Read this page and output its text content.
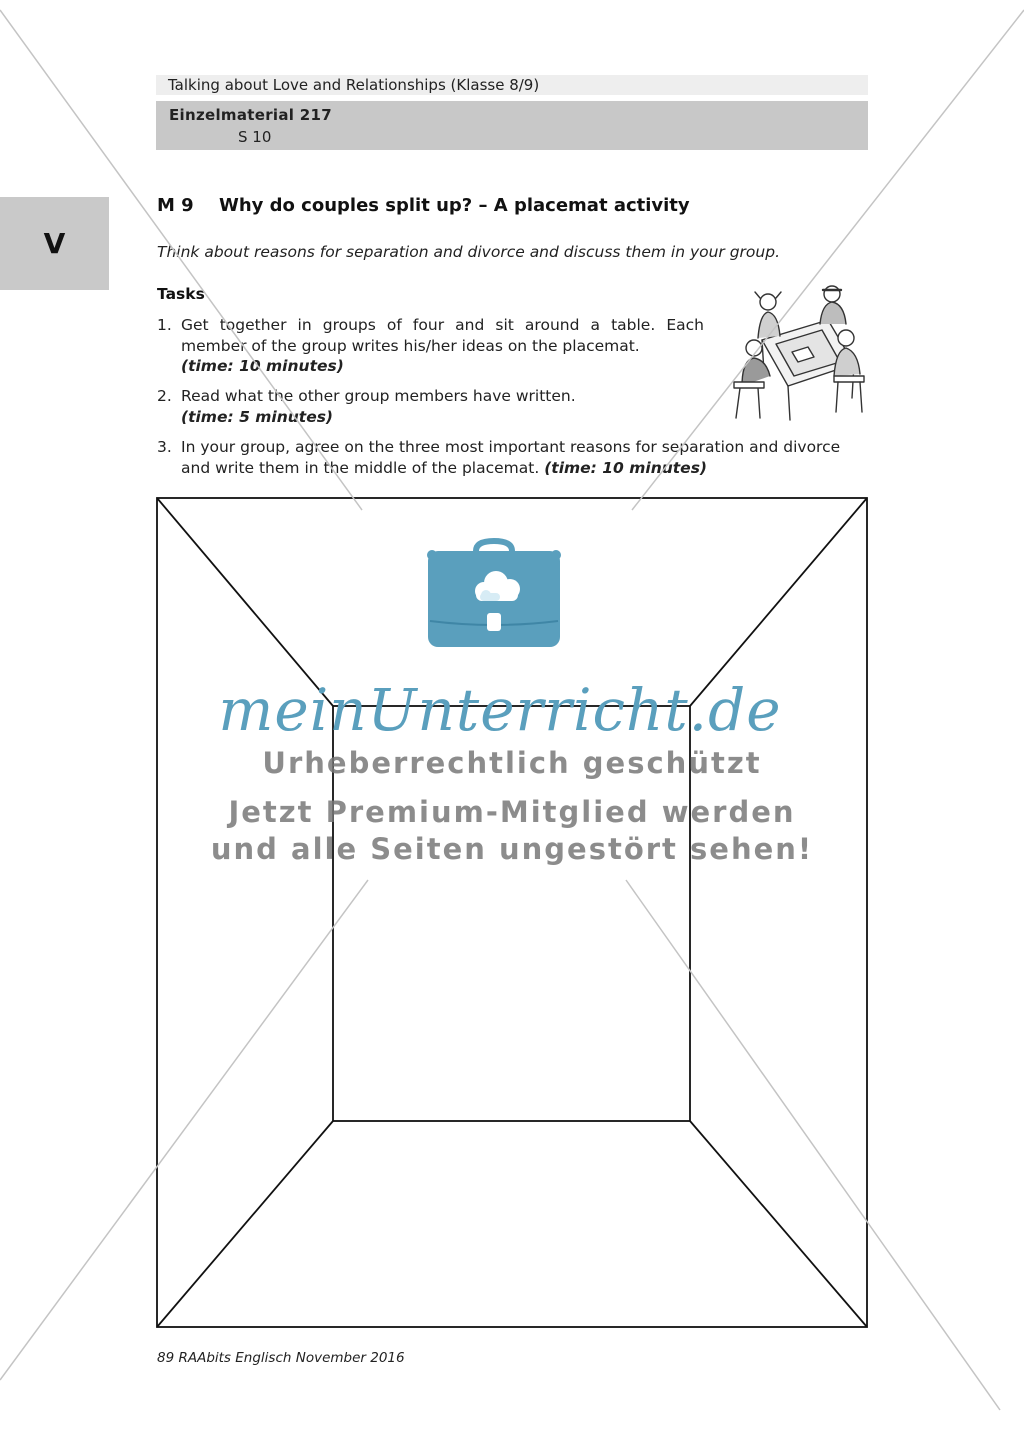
Talking about Love and Relationships (Klasse 8/9)
Einzelmaterial 217
S 10
V
M 9 Why do couples split up? – A placemat activity
Think about reasons for separation and divorce and discuss them in your group.
Tasks
1. Get together in groups of four and sit around a table. Each member of the group writes his/her ideas on the placemat.
(time: 10 minutes)
2. Read what the other group members have written.
(time: 5 minutes)
3. In your group, agree on the three most important reasons for separation and divorce
and write them in the middle of the placemat. (time: 10 minutes)
meinUnterricht.de
Urheberrechtlich geschützt
Jetzt Premium-Mitglied werden
und alle Seiten ungestört sehen!
89 RAAbits Englisch November 2016
